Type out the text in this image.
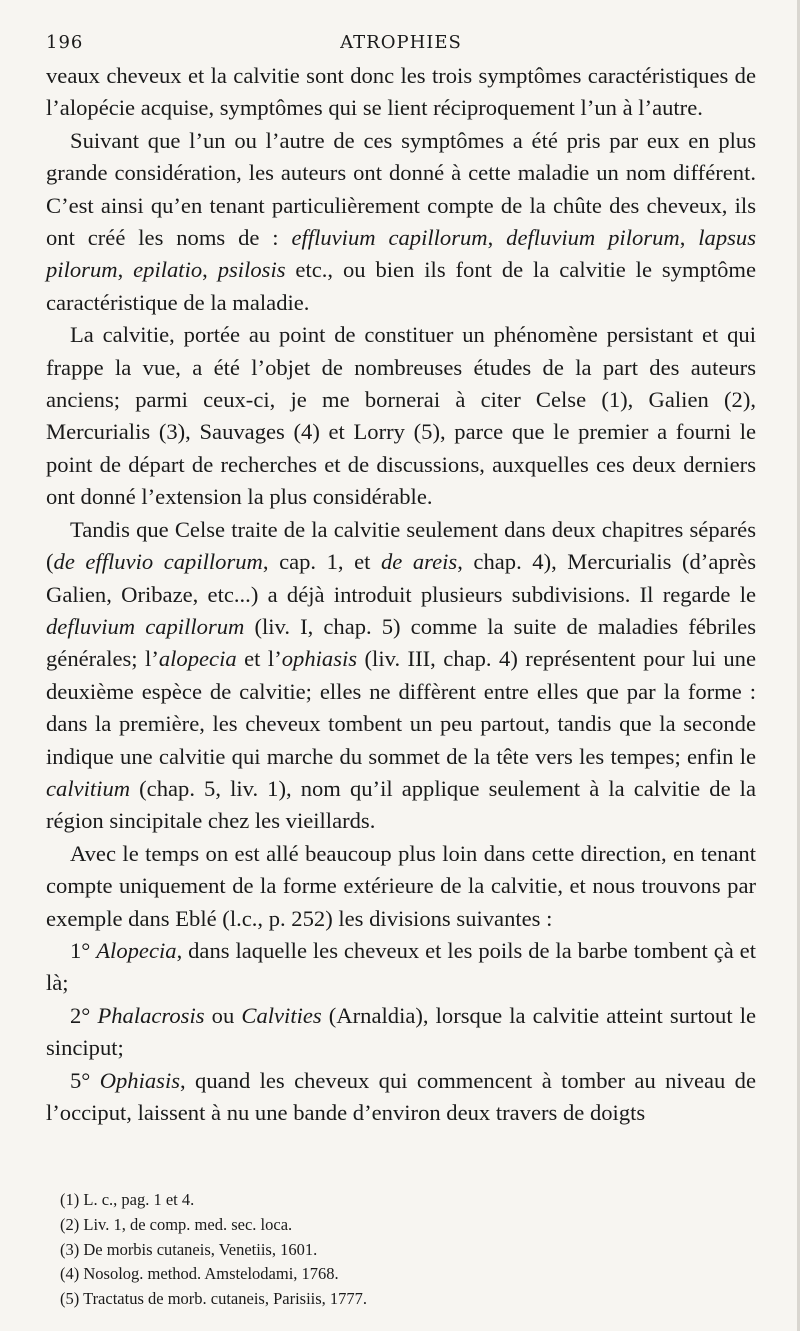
196	ATROPHIES

veaux cheveux et la calvitie sont donc les trois symptômes caractéristiques de l’alopécie acquise, symptômes qui se lient réciproquement l’un à l’autre.

Suivant que l’un ou l’autre de ces symptômes a été pris par eux en plus grande considération, les auteurs ont donné à cette maladie un nom différent. C’est ainsi qu’en tenant particulièrement compte de la chûte des cheveux, ils ont créé les noms de : effluvium capillorum, defluvium pilorum, lapsus pilorum, epilatio, psilosis etc., ou bien ils font de la calvitie le symptôme caractéristique de la maladie.

La calvitie, portée au point de constituer un phénomène persistant et qui frappe la vue, a été l’objet de nombreuses études de la part des auteurs anciens; parmi ceux-ci, je me bornerai à citer Celse (1), Galien (2), Mercurialis (3), Sauvages (4) et Lorry (5), parce que le premier a fourni le point de départ de recherches et de discussions, auxquelles ces deux derniers ont donné l’extension la plus considérable.

Tandis que Celse traite de la calvitie seulement dans deux chapitres séparés (de effluvio capillorum, cap. 1, et de areis, chap. 4), Mercurialis (d’après Galien, Oribaze, etc...) a déjà introduit plusieurs subdivisions. Il regarde le defluvium capillorum (liv. I, chap. 5) comme la suite de maladies fébriles générales; l’alopecia et l’ophiasis (liv. III, chap. 4) représentent pour lui une deuxième espèce de calvitie; elles ne diffèrent entre elles que par la forme : dans la première, les cheveux tombent un peu partout, tandis que la seconde indique une calvitie qui marche du sommet de la tête vers les tempes; enfin le calvitium (chap. 5, liv. 1), nom qu’il applique seulement à la calvitie de la région sincipitale chez les vieillards.

Avec le temps on est allé beaucoup plus loin dans cette direction, en tenant compte uniquement de la forme extérieure de la calvitie, et nous trouvons par exemple dans Eblé (l.c., p. 252) les divisions suivantes :

1° Alopecia, dans laquelle les cheveux et les poils de la barbe tombent çà et là;

2° Phalacrosis ou Calvities (Arnaldia), lorsque la calvitie atteint surtout le sinciput;

5° Ophiasis, quand les cheveux qui commencent à tomber au niveau de l’occiput, laissent à nu une bande d’environ deux travers de doigts

(1) L. c., pag. 1 et 4.
(2) Liv. 1, de comp. med. sec. loca.
(3) De morbis cutaneis, Venetiis, 1601.
(4) Nosolog. method. Amstelodami, 1768.
(5) Tractatus de morb. cutaneis, Parisiis, 1777.
